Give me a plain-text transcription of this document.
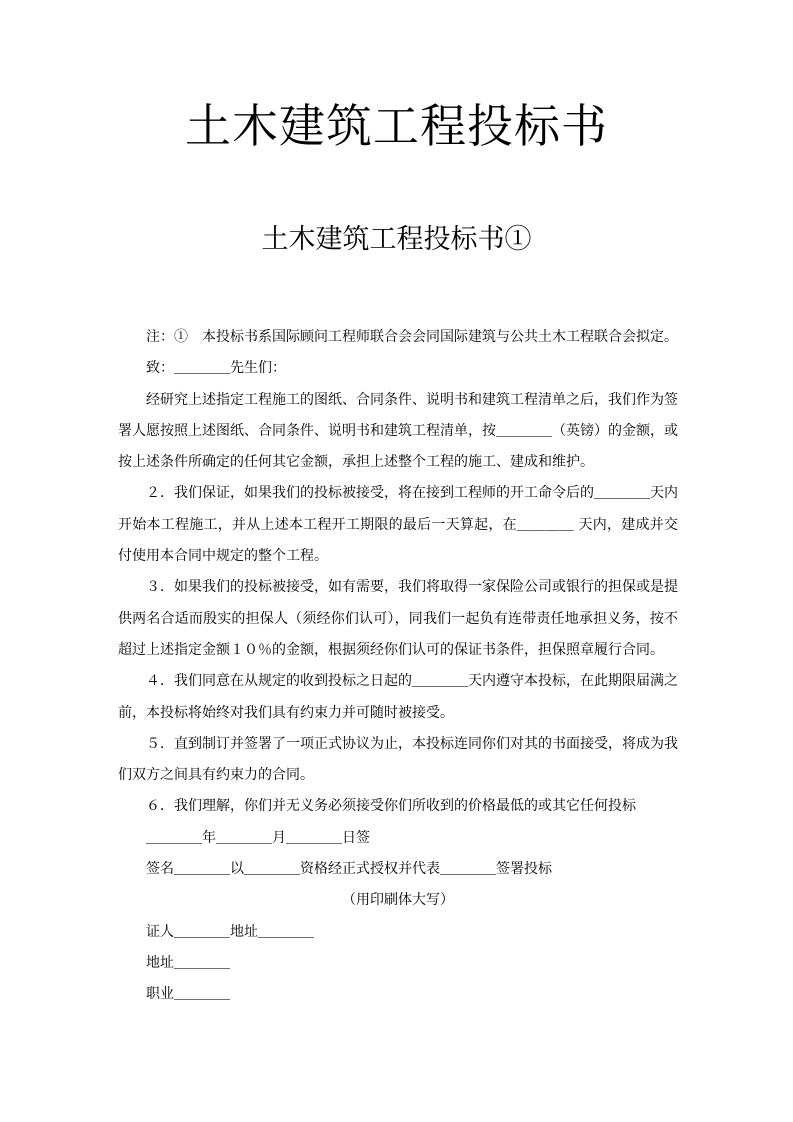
土木建筑工程投标书
土木建筑工程投标书①

注：①　本投标书系国际顾问工程师联合会会同国际建筑与公共土木工程联合会拟定。

致：＿＿＿＿先生们：

经研究上述指定工程施工的图纸、合同条件、说明书和建筑工程清单之后，我们作为签署人愿按照上述图纸、合同条件、说明书和建筑工程清单，按＿＿＿＿（英镑）的金额，或按上述条件所确定的任何其它金额，承担上述整个工程的施工、建成和维护。

２．我们保证，如果我们的投标被接受，将在接到工程师的开工命令后的＿＿＿＿天内开始本工程施工，并从上述本工程开工期限的最后一天算起，在＿＿＿＿ 天内，建成并交付使用本合同中规定的整个工程。

３．如果我们的投标被接受，如有需要，我们将取得一家保险公司或银行的担保或是提供两名合适而殷实的担保人（须经你们认可），同我们一起负有连带责任地承担义务，按不超过上述指定金额１０％的金额，根据须经你们认可的保证书条件，担保照章履行合同。

４．我们同意在从规定的收到投标之日起的＿＿＿＿天内遵守本投标，在此期限届满之前，本投标将始终对我们具有约束力并可随时被接受。

５．直到制订并签署了一项正式协议为止，本投标连同你们对其的书面接受，将成为我们双方之间具有约束力的合同。

６．我们理解，你们并无义务必须接受你们所收到的价格最低的或其它任何投标

＿＿＿＿年＿＿＿＿月＿＿＿＿日签

签名＿＿＿＿以＿＿＿＿资格经正式授权并代表＿＿＿＿签署投标

（用印刷体大写）

证人＿＿＿＿地址＿＿＿＿

地址＿＿＿＿

职业＿＿＿＿
